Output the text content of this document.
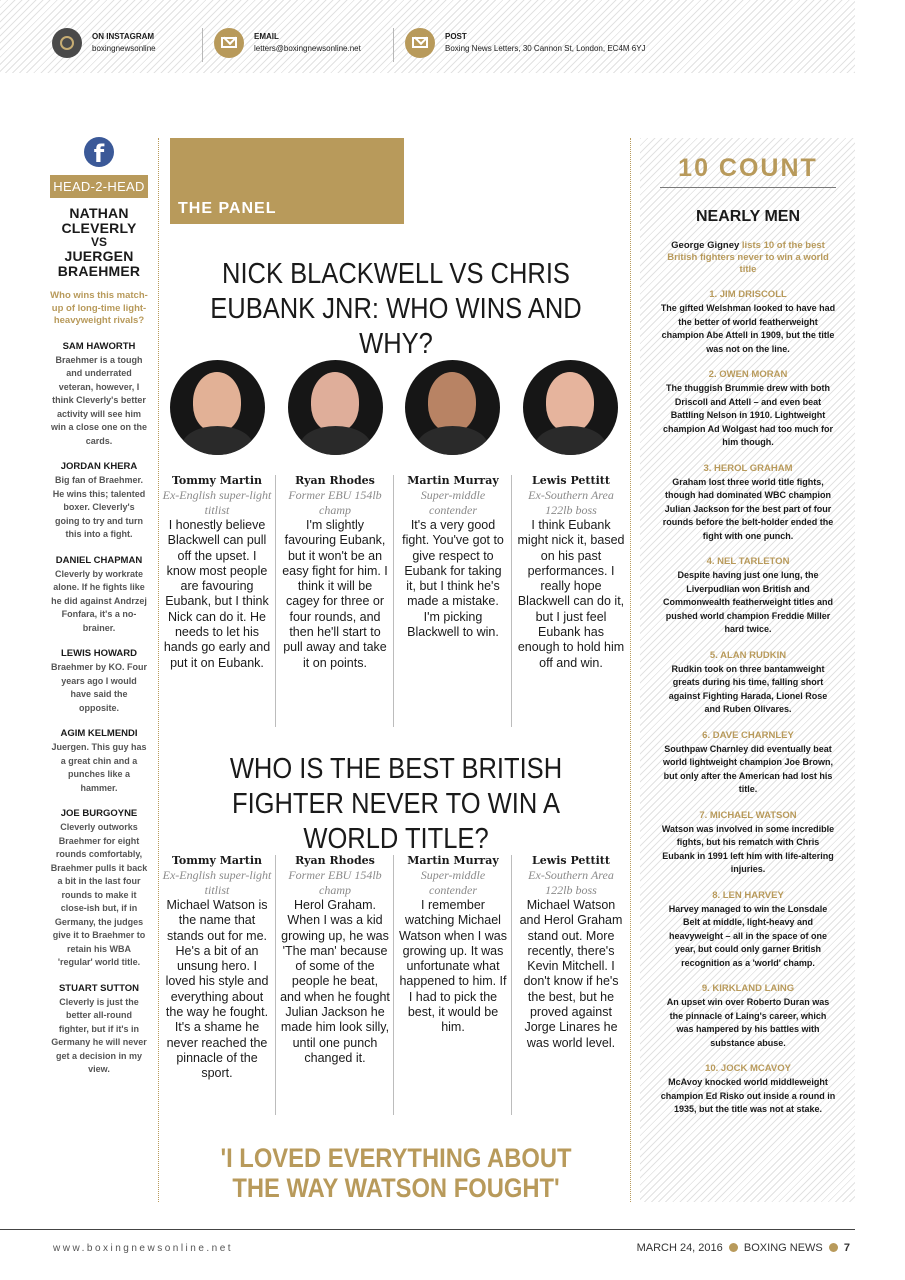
ON INSTAGRAM
boxingnewsonline
EMAIL
letters@boxingnewsonline.net
POST
Boxing News Letters, 30 Cannon St, London, EC4M 6YJ
f
HEAD-2-HEAD
NATHAN CLEVERLY
VS
JUERGEN BRAEHMER
Who wins this match-up of long-time light-heavyweight rivals?
SAM HAWORTH
Braehmer is a tough and underrated veteran, however, I think Cleverly's better activity will see him win a close one on the cards.
JORDAN KHERA
Big fan of Braehmer. He wins this; talented boxer. Cleverly's going to try and turn this into a fight.
DANIEL CHAPMAN
Cleverly by workrate alone. If he fights like he did against Andrzej Fonfara, it's a no-brainer.
LEWIS HOWARD
Braehmer by KO. Four years ago I would have said the opposite.
AGIM KELMENDI
Juergen. This guy has a great chin and a punches like a hammer.
JOE BURGOYNE
Cleverly outworks Braehmer for eight rounds comfortably, Braehmer pulls it back a bit in the last four rounds to make it close-ish but, if in Germany, the judges give it to Braehmer to retain his WBA 'regular' world title.
STUART SUTTON
Cleverly is just the better all-round fighter, but if it's in Germany he will never get a decision in my view.
THE PANEL
NICK BLACKWELL VS CHRIS EUBANK JNR: WHO WINS AND WHY?
Tommy Martin
Ex-English super-light titlist
I honestly believe Blackwell can pull off the upset. I know most people are favouring Eubank, but I think Nick can do it. He needs to let his hands go early and put it on Eubank.
Ryan Rhodes
Former EBU 154lb champ
I'm slightly favouring Eubank, but it won't be an easy fight for him. I think it will be cagey for three or four rounds, and then he'll start to pull away and take it on points.
Martin Murray
Super-middle contender
It's a very good fight. You've got to give respect to Eubank for taking it, but I think he's made a mistake. I'm picking Blackwell to win.
Lewis Pettitt
Ex-Southern Area 122lb boss
I think Eubank might nick it, based on his past performances. I really hope Blackwell can do it, but I just feel Eubank has enough to hold him off and win.
WHO IS THE BEST BRITISH FIGHTER NEVER TO WIN A WORLD TITLE?
Tommy Martin
Ex-English super-light titlist
Michael Watson is the name that stands out for me. He's a bit of an unsung hero. I loved his style and everything about the way he fought. It's a shame he never reached the pinnacle of the sport.
Ryan Rhodes
Former EBU 154lb champ
Herol Graham. When I was a kid growing up, he was 'The man' because of some of the people he beat, and when he fought Julian Jackson he made him look silly, until one punch changed it.
Martin Murray
Super-middle contender
I remember watching Michael Watson when I was growing up. It was unfortunate what happened to him. If I had to pick the best, it would be him.
Lewis Pettitt
Ex-Southern Area 122lb boss
Michael Watson and Herol Graham stand out. More recently, there's Kevin Mitchell. I don't know if he's the best, but he proved against Jorge Linares he was world level.
'I LOVED EVERYTHING ABOUT THE WAY WATSON FOUGHT'
10 COUNT
NEARLY MEN
George Gigney lists 10 of the best British fighters never to win a world title
1. JIM DRISCOLL
The gifted Welshman looked to have had the better of world featherweight champion Abe Attell in 1909, but the title was not on the line.
2. OWEN MORAN
The thuggish Brummie drew with both Driscoll and Attell – and even beat Battling Nelson in 1910. Lightweight champion Ad Wolgast had too much for him though.
3. HEROL GRAHAM
Graham lost three world title fights, though had dominated WBC champion Julian Jackson for the best part of four rounds before the belt-holder ended the fight with one punch.
4. NEL TARLETON
Despite having just one lung, the Liverpudlian won British and Commonwealth featherweight titles and pushed world champion Freddie Miller hard twice.
5. ALAN RUDKIN
Rudkin took on three bantamweight greats during his time, falling short against Fighting Harada, Lionel Rose and Ruben Olivares.
6. DAVE CHARNLEY
Southpaw Charnley did eventually beat world lightweight champion Joe Brown, but only after the American had lost his title.
7. MICHAEL WATSON
Watson was involved in some incredible fights, but his rematch with Chris Eubank in 1991 left him with life-altering injuries.
8. LEN HARVEY
Harvey managed to win the Lonsdale Belt at middle, light-heavy and heavyweight – all in the space of one year, but could only garner British recognition as a 'world' champ.
9. KIRKLAND LAING
An upset win over Roberto Duran was the pinnacle of Laing's career, which was hampered by his battles with substance abuse.
10. JOCK MCAVOY
McAvoy knocked world middleweight champion Ed Risko out inside a round in 1935, but the title was not at stake.
www.boxingnewsonline.net	MARCH 24, 2016 BOXING NEWS 7
